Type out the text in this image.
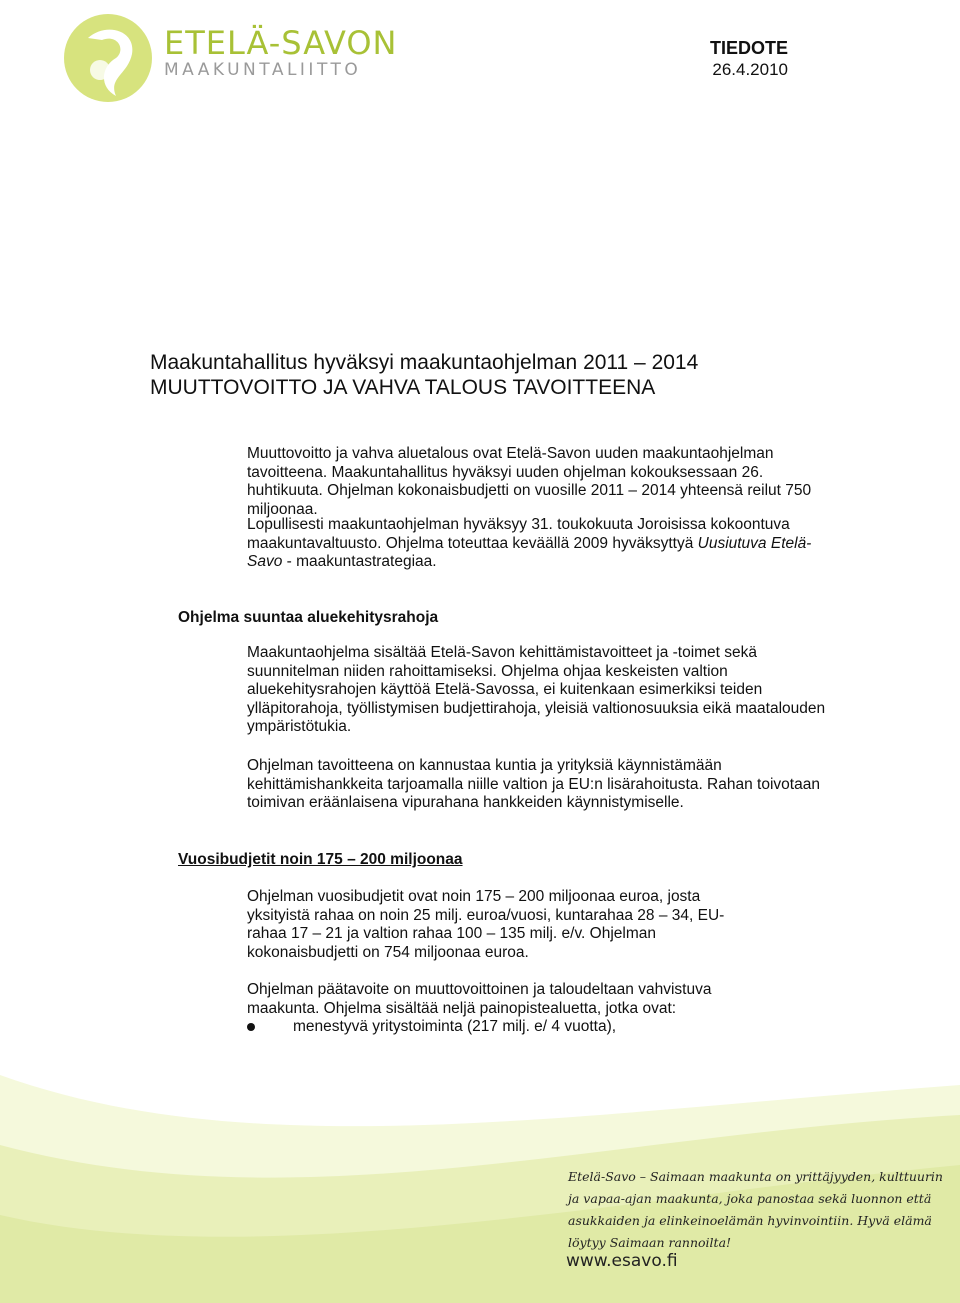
ETELÄ-SAVON
MAAKUNTALIITTO
TIEDOTE
26.4.2010
Maakuntahallitus hyväksyi maakuntaohjelman 2011 – 2014
MUUTTOVOITTO JA VAHVA TALOUS TAVOITTEENA
Muuttovoitto ja vahva aluetalous ovat Etelä-Savon uuden maakuntaohjelman tavoitteena. Maakuntahallitus hyväksyi uuden ohjelman kokouksessaan 26. huhtikuuta. Ohjelman kokonaisbudjetti on vuosille 2011 – 2014 yhteensä reilut 750 miljoonaa.
Lopullisesti maakuntaohjelman hyväksyy 31. toukokuuta Joroisissa kokoontuva maakuntavaltuusto. Ohjelma toteuttaa keväällä 2009 hyväksyttyä Uusiutuva Etelä-Savo - maakuntastrategiaa.
Ohjelma suuntaa aluekehitysrahoja
Maakuntaohjelma sisältää Etelä-Savon kehittämistavoitteet ja -toimet sekä suunnitelman niiden rahoittamiseksi. Ohjelma ohjaa keskeisten valtion aluekehitysrahojen käyttöä Etelä-Savossa, ei kuitenkaan esimerkiksi teiden ylläpitorahoja, työllistymisen budjettirahoja, yleisiä valtionosuuksia eikä maatalouden ympäristötukia.
Ohjelman tavoitteena on kannustaa kuntia ja yrityksiä käynnistämään kehittämishankkeita tarjoamalla niille valtion ja EU:n lisärahoitusta. Rahan toivotaan toimivan eräänlaisena vipurahana hankkeiden käynnistymiselle.
Vuosibudjetit noin 175 – 200 miljoonaa
Ohjelman vuosibudjetit ovat noin 175 – 200 miljoonaa euroa, josta yksityistä rahaa on noin 25 milj. euroa/vuosi, kuntarahaa 28 – 34, EU-rahaa 17 – 21 ja valtion rahaa 100 – 135 milj. e/v. Ohjelman kokonaisbudjetti on 754 miljoonaa euroa.
Ohjelman päätavoite on muuttovoittoinen ja taloudeltaan vahvistuva maakunta. Ohjelma sisältää neljä painopistealuetta, jotka ovat:
menestyvä yritystoiminta (217 milj. e/ 4 vuotta),
Etelä-Savo – Saimaan maakunta on yrittäjyyden, kulttuurin ja vapaa-ajan maakunta, joka panostaa sekä luonnon että asukkaiden ja elinkeinoelämän hyvinvointiin. Hyvä elämä löytyy Saimaan rannoilta!
www.esavo.fi
